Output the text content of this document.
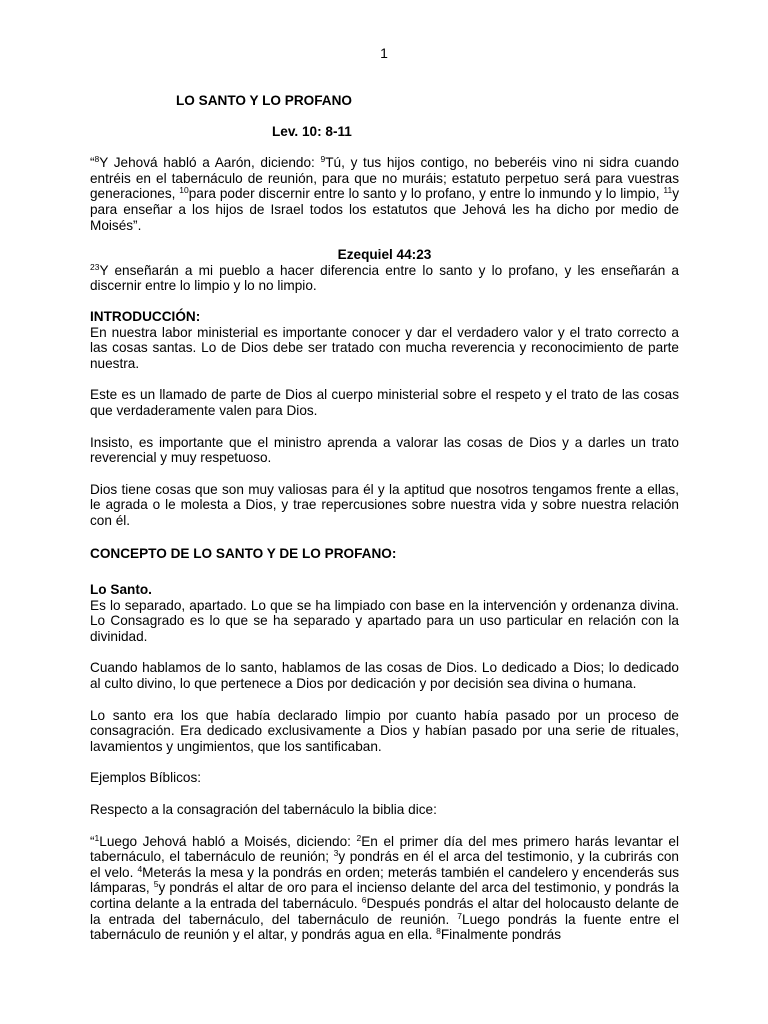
1

LO SANTO Y LO PROFANO

Lev. 10: 8-11

“$^8$Y Jehová habló a Aarón, diciendo: $^9$Tú, y tus hijos contigo, no beberéis vino ni sidra cuando entréis en el tabernáculo de reunión, para que no muráis; estatuto perpetuo será para vuestras generaciones, $^{10}$para poder discernir entre lo santo y lo profano, y entre lo inmundo y lo limpio, $^{11}$y para enseñar a los hijos de Israel todos los estatutos que Jehová les ha dicho por medio de Moisés”.

Ezequiel 44:23

$^{23}$Y enseñarán a mi pueblo a hacer diferencia entre lo santo y lo profano, y les enseñarán a discernir entre lo limpio y lo no limpio.

INTRODUCCIÓN:

En nuestra labor ministerial es importante conocer y dar el verdadero valor y el trato correcto a las cosas santas. Lo de Dios debe ser tratado con mucha reverencia y reconocimiento de parte nuestra.

Este es un llamado de parte de Dios al cuerpo ministerial sobre el respeto y el trato de las cosas que verdaderamente valen para Dios.

Insisto, es importante que el ministro aprenda a valorar las cosas de Dios y a darles un trato reverencial y muy respetuoso.

Dios tiene cosas que son muy valiosas para él y la aptitud que nosotros tengamos frente a ellas, le agrada o le molesta a Dios, y trae repercusiones sobre nuestra vida y sobre nuestra relación con él.

CONCEPTO DE LO SANTO Y DE LO PROFANO:

Lo Santo.

Es lo separado, apartado. Lo que se ha limpiado con base en la intervención y ordenanza divina. Lo Consagrado es lo que se ha separado y apartado para un uso particular en relación con la divinidad.

Cuando hablamos de lo santo, hablamos de las cosas de Dios. Lo dedicado a Dios; lo dedicado al culto divino, lo que pertenece a Dios por dedicación y por decisión sea divina o humana.

Lo santo era los que había declarado limpio por cuanto había pasado por un proceso de consagración. Era dedicado exclusivamente a Dios y habían pasado por una serie de rituales, lavamientos y ungimientos, que los santificaban.

Ejemplos Bíblicos:

Respecto a la consagración del tabernáculo la biblia dice:

“$^1$Luego Jehová habló a Moisés, diciendo: $^2$En el primer día del mes primero harás levantar el tabernáculo, el tabernáculo de reunión; $^3$y pondrás en él el arca del testimonio, y la cubrirás con el velo. $^4$Meterás la mesa y la pondrás en orden; meterás también el candelero y encenderás sus lámparas, $^5$y pondrás el altar de oro para el incienso delante del arca del testimonio, y pondrás la cortina delante a la entrada del tabernáculo. $^6$Después pondrás el altar del holocausto delante de la entrada del tabernáculo, del tabernáculo de reunión. $^7$Luego pondrás la fuente entre el tabernáculo de reunión y el altar, y pondrás agua en ella. $^8$Finalmente pondrás
